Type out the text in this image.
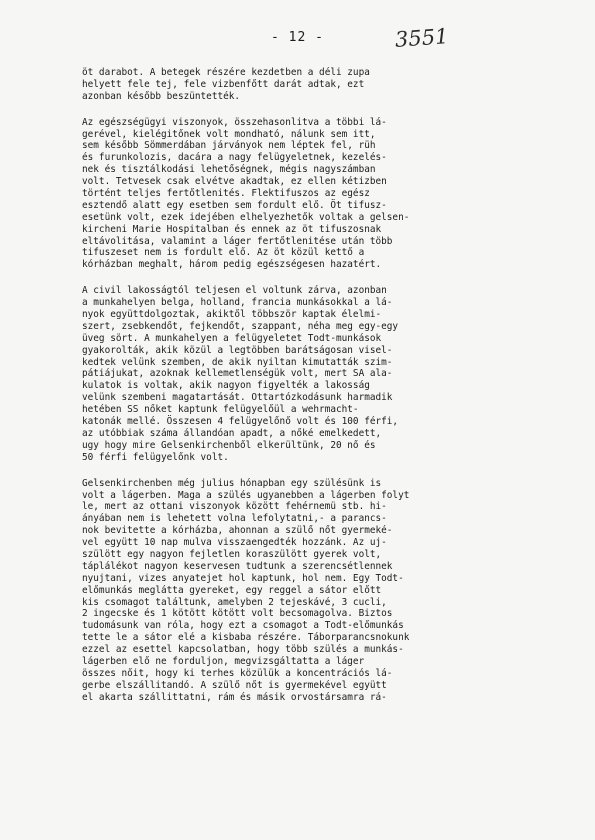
- 12 -	3551
öt darabot. A betegek részére kezdetben a déli zupa
helyett fele tej, fele vizbenfőtt darát adtak, ezt
azonban később beszüntették.
Az egészségügyi viszonyok, összehasonlitva a többi lá-
gerével, kielégitőnek volt mondható, nálunk sem itt,
sem később Sömmerdában járványok nem léptek fel, rüh
és furunkolozis, dacára a nagy felügyeletnek, kezelés-
nek és tisztálkodási lehetőségnek, mégis nagyszámban
volt. Tetvesek csak elvétve akadtak, ez ellen kétizben
történt teljes fertőtlenités. Flektifuszos az egész
esztendő alatt egy esetben sem fordult elő. Öt tifusz-
esetünk volt, ezek idejében elhelyezhetők voltak a gelsen-
kircheni Marie Hospitalban és ennek az öt tifuszosnak
eltávolitása, valamint a láger fertőtlenitése után több
tifuszeset nem is fordult elő. Az öt közül kettő a
kórházban meghalt, három pedig egészségesen hazatért.
A civil lakosságtól teljesen el voltunk zárva, azonban
a munkahelyen belga, holland, francia munkásokkal a lá-
nyok együttdolgoztak, akiktől többször kaptak élelmi-
szert, zsebkendőt, fejkendőt, szappant, néha meg egy-egy
üveg sört. A munkahelyen a felügyeletet Todt-munkások
gyakorolták, akik közül a legtöbben barátságosan visel-
kedtek velünk szemben, de akik nyiltan kimutatták szim-
pátiájukat, azoknak kellemetlenségük volt, mert SA ala-
kulatok is voltak, akik nagyon figyelték a lakosság
velünk szembeni magatartását. Ottartózkodásunk harmadik
hetében SS nőket kaptunk felügyelőül a wehrmacht-
katonák mellé. Összesen 4 felügyelőnő volt és 100 férfi,
az utóbbiak száma állandóan apadt, a nőké emelkedett,
ugy hogy mire Gelsenkirchenből elkerültünk, 20 nő és
50 férfi felügyelőnk volt.
Gelsenkirchenben még julius hónapban egy szülésünk is
volt a lágerben. Maga a szülés ugyanebben a lágerben folyt
le, mert az ottani viszonyok között fehérnemü stb. hi-
ányában nem is lehetett volna lefolytatni,- a parancs-
nok bevitette a kórházba, ahonnan a szülő nőt gyermeké-
vel együtt 10 nap mulva visszaengedték hozzánk. Az uj-
szülött egy nagyon fejletlen koraszülött gyerek volt,
táplálékot nagyon keservesen tudtunk a szerencsétlennek
nyujtani, vizes anyatejet hol kaptunk, hol nem. Egy Todt-
előmunkás meglátta gyereket, egy reggel a sátor előtt
kis csomagot találtunk, amelyben 2 tejeskávé, 3 cucli,
2 ingecske és 1 kötött kötött volt becsomagolva. Biztos
tudomásunk van róla, hogy ezt a csomagot a Todt-előmunkás
tette le a sátor elé a kisbaba részére. Táborparancsnokunk
ezzel az esettel kapcsolatban, hogy több szülés a munkás-
lágerben elő ne forduljon, megvizsgáltatta a láger
összes nőit, hogy ki terhes közülük a koncentrációs lá-
gerbe elszállitandó. A szülő nőt is gyermekével együtt
el akarta szállittatni, rám és másik orvostársamra rá-
